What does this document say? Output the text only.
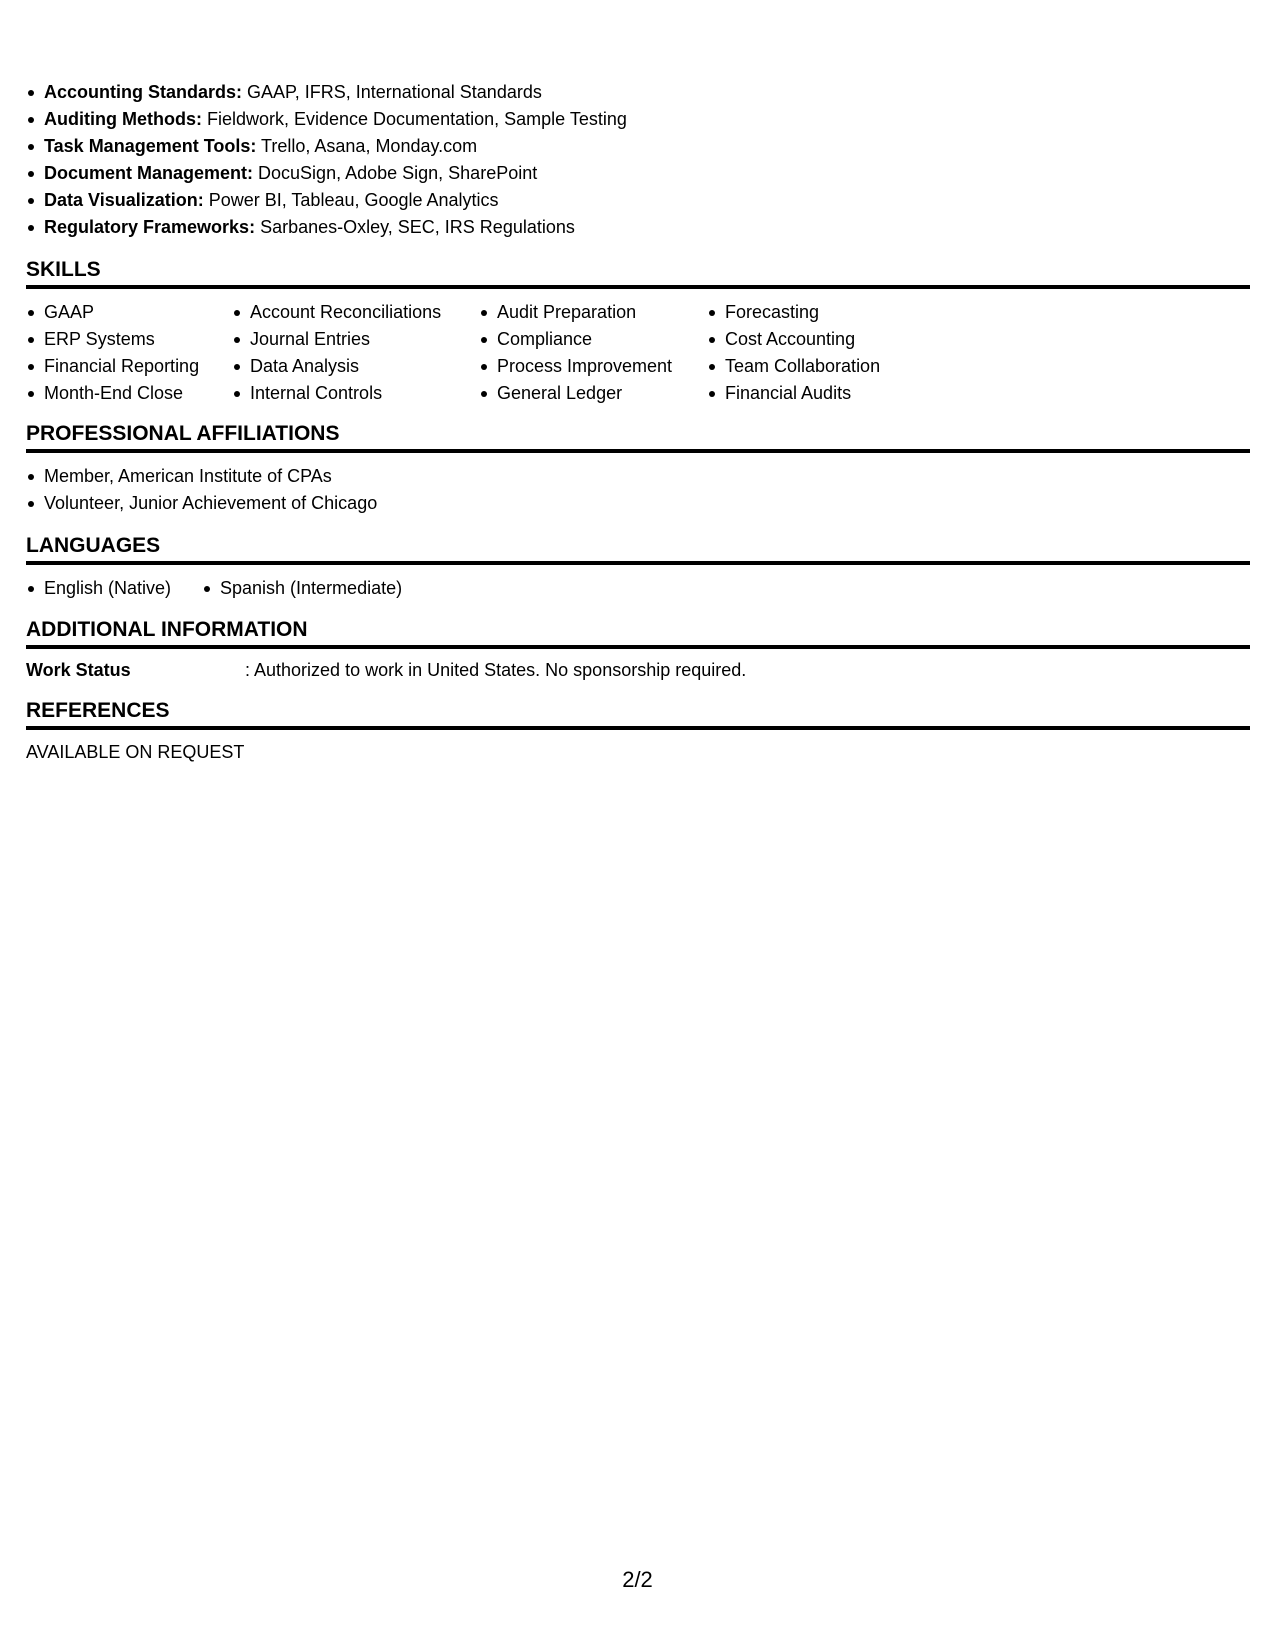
Accounting Standards: GAAP, IFRS, International Standards
Auditing Methods: Fieldwork, Evidence Documentation, Sample Testing
Task Management Tools: Trello, Asana, Monday.com
Document Management: DocuSign, Adobe Sign, SharePoint
Data Visualization: Power BI, Tableau, Google Analytics
Regulatory Frameworks: Sarbanes-Oxley, SEC, IRS Regulations
SKILLS
GAAP
ERP Systems
Financial Reporting
Month-End Close
Account Reconciliations
Journal Entries
Data Analysis
Internal Controls
Audit Preparation
Compliance
Process Improvement
General Ledger
Forecasting
Cost Accounting
Team Collaboration
Financial Audits
PROFESSIONAL AFFILIATIONS
Member, American Institute of CPAs
Volunteer, Junior Achievement of Chicago
LANGUAGES
English (Native)	Spanish (Intermediate)
ADDITIONAL INFORMATION
Work Status	: Authorized to work in United States. No sponsorship required.
REFERENCES
AVAILABLE ON REQUEST
2/2
